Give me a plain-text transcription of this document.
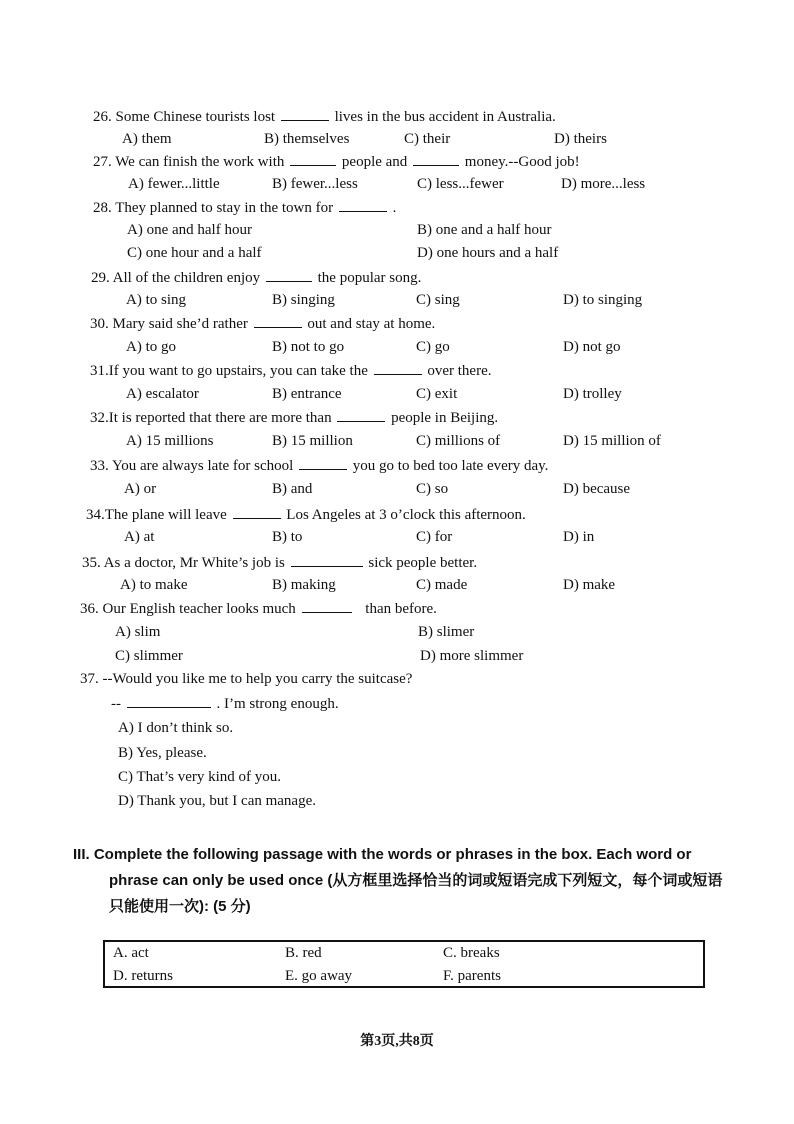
26. Some Chinese tourists lost	lives in the bus accident in Australia.
A) them	B) themselves	C) their	D) theirs
27. We can finish the work with	people and	money.--Good job!
A) fewer...little	B) fewer...less	C) less...fewer	D) more...less
28. They planned to stay in the town for	.
A) one and half hour	B) one and a half hour
C) one hour and a half	D) one hours and a half
29. All of the children enjoy	the popular song.
A) to sing	B) singing	C) sing	D) to singing
30. Mary said she’d rather	out and stay at home.
A) to go	B) not to go	C) go	D) not go
31.If you want to go upstairs, you can take the	over there.
A) escalator	B) entrance	C) exit	D) trolley
32.It is reported that there are more than	people in Beijing.
A) 15 millions	B) 15 million	C) millions of	D) 15 million of
33. You are always late for school	you go to bed too late every day.
A) or	B) and	C) so	D) because
34.The plane will leave	Los Angeles at 3 o’clock this afternoon.
A) at	B) to	C) for	D) in
35. As a doctor, Mr White’s job is	sick people better.
A) to make	B) making	C) made	D) make
36. Our English teacher looks much	than before.
A) slim	B) slimer
C) slimmer	D) more slimmer
37. --Would you like me to help you carry the suitcase?
--	. I’m strong enough.
A) I don’t think so.
B) Yes, please.
C) That’s very kind of you.
D) Thank you, but I can manage.
III. Complete the following passage with the words or phrases in the box. Each word or
phrase can only be used once (从方框里选择恰当的词或短语完成下列短文，每个词或短语
只能使用一次): (5 分)
A. act	B. red	C. breaks
D. returns	E. go away	F. parents
第3页,共8页
